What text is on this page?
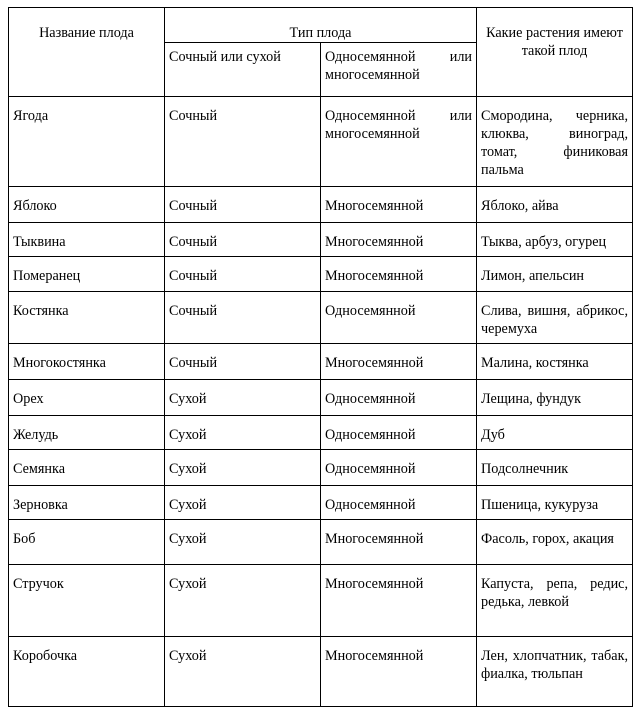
Название плода	Тип плода		Какие растения имеют такой плод
	Сочный или сухой	Односемянной или многосемянной	
Ягода	Сочный	Односемянной или многосемянной	Смородина, черника, клюква, виноград, томат, финиковая пальма
Яблоко	Сочный	Многосемянной	Яблоко, айва
Тыквина	Сочный	Многосемянной	Тыква, арбуз, огурец
Померанец	Сочный	Многосемянной	Лимон, апельсин
Костянка	Сочный	Односемянной	Слива, вишня, абрикос, черемуха
Многокостянка	Сочный	Многосемянной	Малина, костянка
Орех	Сухой	Односемянной	Лещина, фундук
Желудь	Сухой	Односемянной	Дуб
Семянка	Сухой	Односемянной	Подсолнечник
Зерновка	Сухой	Односемянной	Пшеница, кукуруза
Боб	Сухой	Многосемянной	Фасоль, горох, акация
Стручок	Сухой	Многосемянной	Капуста, репа, редис, редька, левкой
Коробочка	Сухой	Многосемянной	Лен, хлопчатник, табак, фиалка, тюльпан
